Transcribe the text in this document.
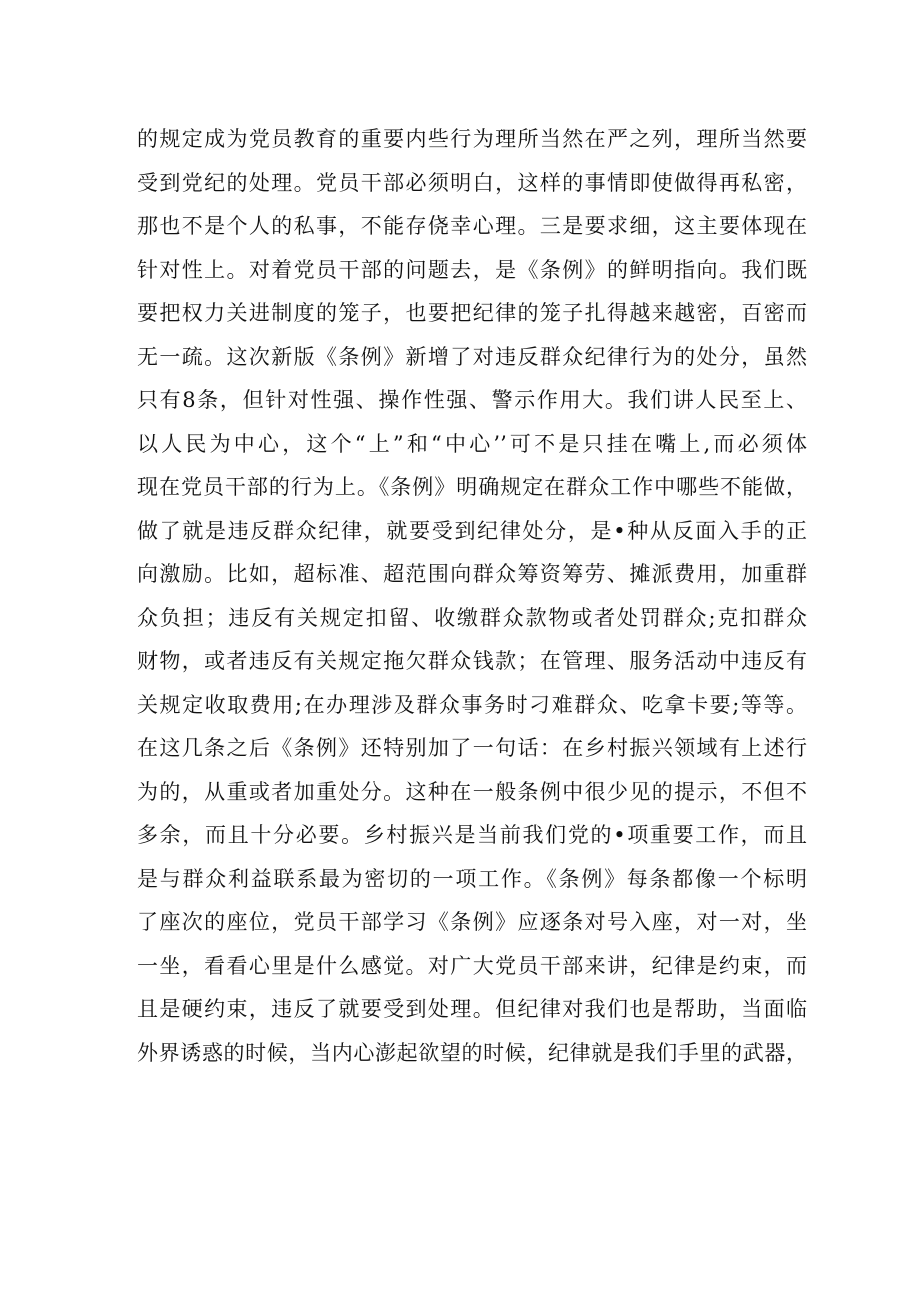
的规定成为党员教育的重要内些行为理所当然在严之列，理所当然要
受到党纪的处理。党员干部必须明白，这样的事情即使做得再私密，
那也不是个人的私事，不能存侥幸心理。三是要求细，这主要体现在
针对性上。对着党员干部的问题去，是《条例》的鲜明指向。我们既
要把权力关进制度的笼子，也要把纪律的笼子扎得越来越密，百密而
无一疏。这次新版《条例》新增了对违反群众纪律行为的处分，虽然
只有8条，但针对性强、操作性强、警示作用大。我们讲人民至上、
以人民为中心，这个“上”和“中心’’可不是只挂在嘴上,而必须体
现在党员干部的行为上。《条例》明确规定在群众工作中哪些不能做，
做了就是违反群众纪律，就要受到纪律处分，是•种从反面入手的正
向激励。比如，超标准、超范围向群众筹资筹劳、摊派费用，加重群
众负担；违反有关规定扣留、收缴群众款物或者处罚群众;克扣群众
财物，或者违反有关规定拖欠群众钱款；在管理、服务活动中违反有
关规定收取费用;在办理涉及群众事务时刁难群众、吃拿卡要;等等。
在这几条之后《条例》还特别加了一句话：在乡村振兴领域有上述行
为的，从重或者加重处分。这种在一般条例中很少见的提示，不但不
多余，而且十分必要。乡村振兴是当前我们党的•项重要工作，而且
是与群众利益联系最为密切的一项工作。《条例》每条都像一个标明
了座次的座位，党员干部学习《条例》应逐条对号入座，对一对，坐
一坐，看看心里是什么感觉。对广大党员干部来讲，纪律是约束，而
且是硬约束，违反了就要受到处理。但纪律对我们也是帮助，当面临
外界诱惑的时候，当内心澎起欲望的时候，纪律就是我们手里的武器，
